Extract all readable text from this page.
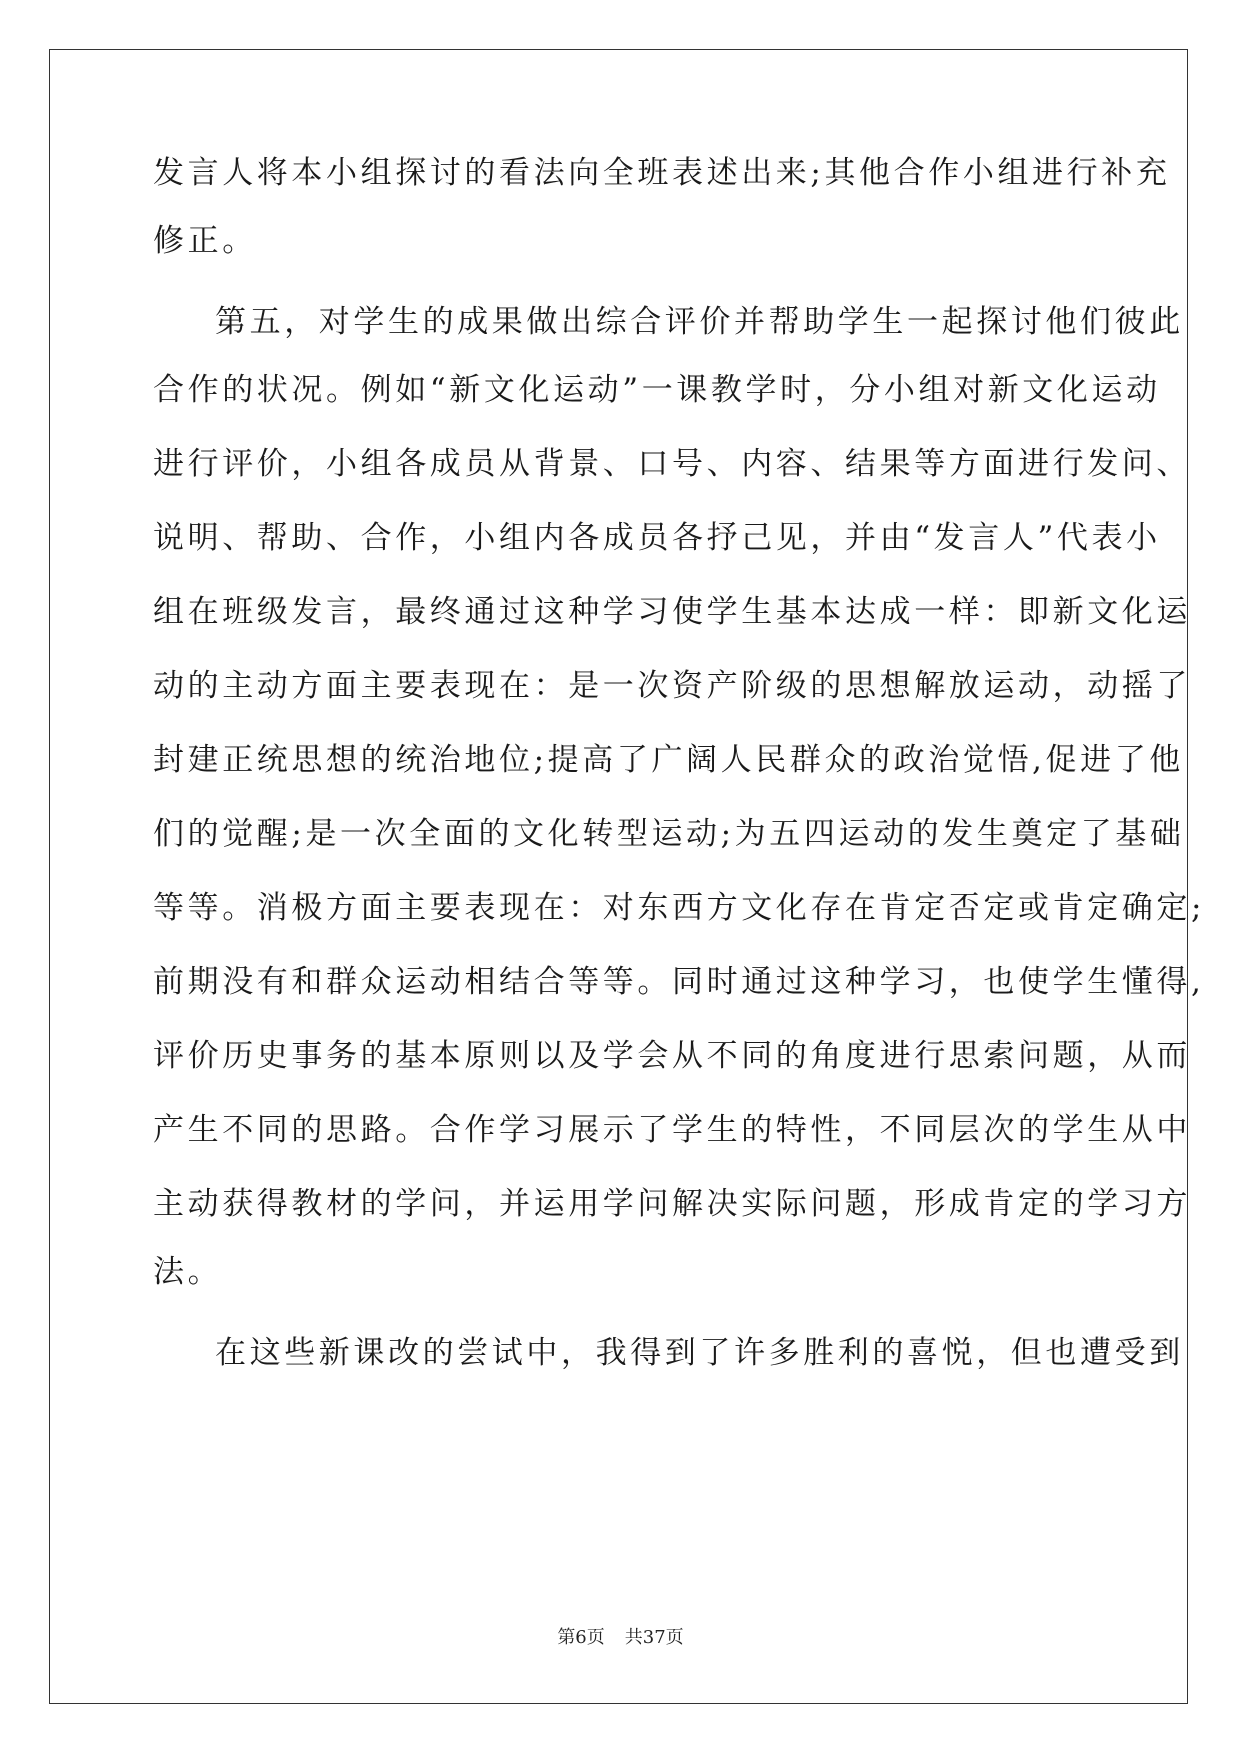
发言人将本小组探讨的看法向全班表述出来;其他合作小组进行补充
修正。
第五，对学生的成果做出综合评价并帮助学生一起探讨他们彼此
合作的状况。例如“新文化运动”一课教学时，分小组对新文化运动
进行评价，小组各成员从背景、口号、内容、结果等方面进行发问、
说明、帮助、合作，小组内各成员各抒己见，并由“发言人”代表小
组在班级发言，最终通过这种学习使学生基本达成一样：即新文化运
动的主动方面主要表现在：是一次资产阶级的思想解放运动，动摇了
封建正统思想的统治地位;提高了广阔人民群众的政治觉悟,促进了他
们的觉醒;是一次全面的文化转型运动;为五四运动的发生奠定了基础
等等。消极方面主要表现在：对东西方文化存在肯定否定或肯定确定;
前期没有和群众运动相结合等等。同时通过这种学习，也使学生懂得,
评价历史事务的基本原则以及学会从不同的角度进行思索问题，从而
产生不同的思路。合作学习展示了学生的特性，不同层次的学生从中
主动获得教材的学问，并运用学问解决实际问题，形成肯定的学习方
法。
在这些新课改的尝试中，我得到了许多胜利的喜悦，但也遭受到
第6页 共37页
